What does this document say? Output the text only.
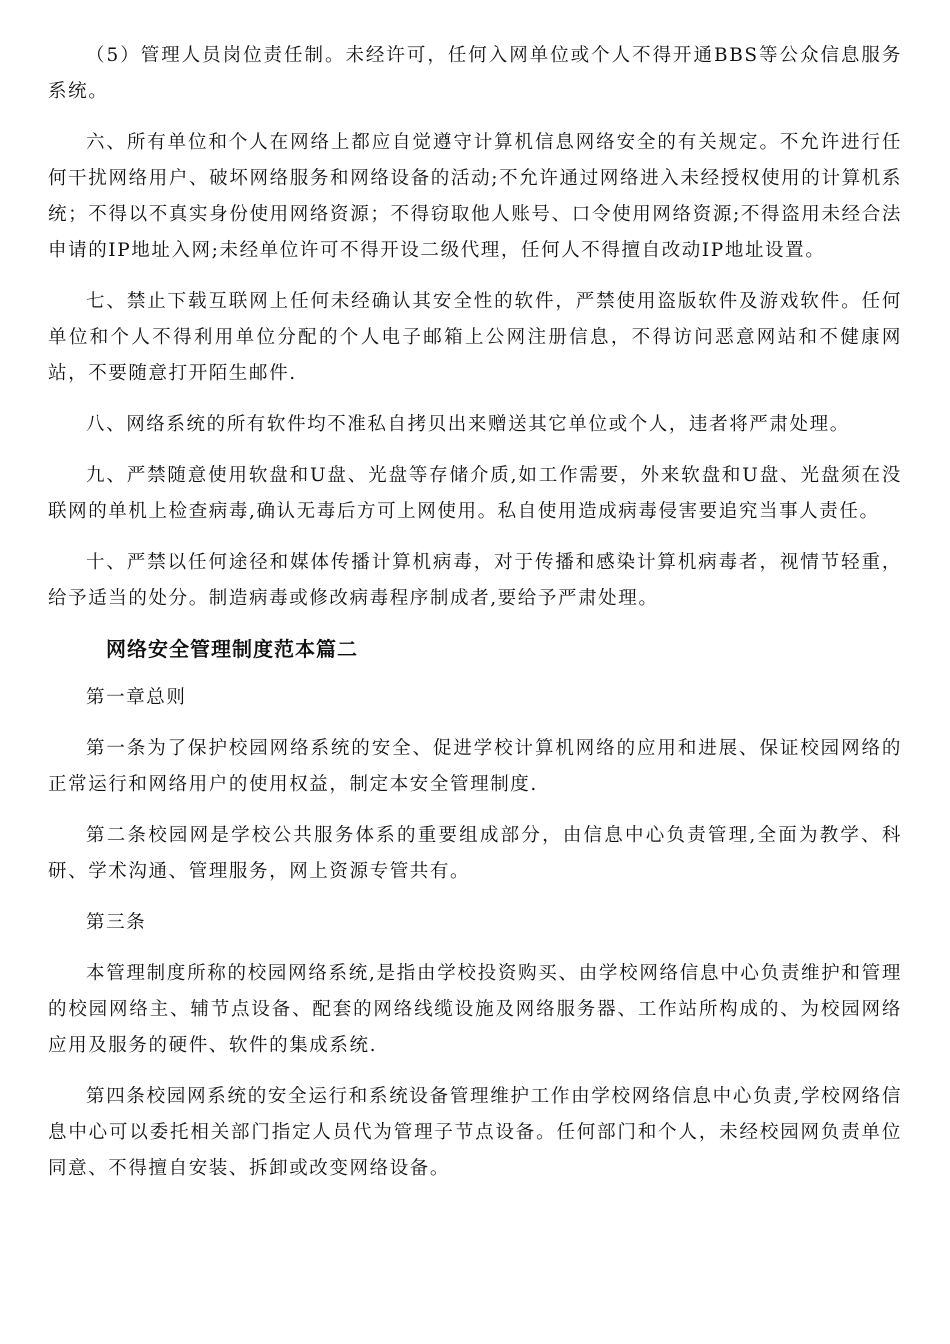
（5）管理人员岗位责任制。未经许可，任何入网单位或个人不得开通BBS等公众信息服务系统。

六、所有单位和个人在网络上都应自觉遵守计算机信息网络安全的有关规定。不允许进行任何干扰网络用户、破坏网络服务和网络设备的活动;不允许通过网络进入未经授权使用的计算机系统；不得以不真实身份使用网络资源；不得窃取他人账号、口令使用网络资源;不得盗用未经合法申请的IP地址入网;未经单位许可不得开设二级代理，任何人不得擅自改动IP地址设置。

七、禁止下载互联网上任何未经确认其安全性的软件，严禁使用盗版软件及游戏软件。任何单位和个人不得利用单位分配的个人电子邮箱上公网注册信息，不得访问恶意网站和不健康网站，不要随意打开陌生邮件.

八、网络系统的所有软件均不准私自拷贝出来赠送其它单位或个人，违者将严肃处理。

九、严禁随意使用软盘和U盘、光盘等存储介质,如工作需要，外来软盘和U盘、光盘须在没联网的单机上检查病毒,确认无毒后方可上网使用。私自使用造成病毒侵害要追究当事人责任。

十、严禁以任何途径和媒体传播计算机病毒，对于传播和感染计算机病毒者，视情节轻重，给予适当的处分。制造病毒或修改病毒程序制成者,要给予严肃处理。

网络安全管理制度范本篇二

第一章总则

第一条为了保护校园网络系统的安全、促进学校计算机网络的应用和进展、保证校园网络的正常运行和网络用户的使用权益，制定本安全管理制度.

第二条校园网是学校公共服务体系的重要组成部分，由信息中心负责管理,全面为教学、科研、学术沟通、管理服务，网上资源专管共有。

第三条

本管理制度所称的校园网络系统,是指由学校投资购买、由学校网络信息中心负责维护和管理的校园网络主、辅节点设备、配套的网络线缆设施及网络服务器、工作站所构成的、为校园网络应用及服务的硬件、软件的集成系统.

第四条校园网系统的安全运行和系统设备管理维护工作由学校网络信息中心负责,学校网络信息中心可以委托相关部门指定人员代为管理子节点设备。任何部门和个人，未经校园网负责单位同意、不得擅自安装、拆卸或改变网络设备。
